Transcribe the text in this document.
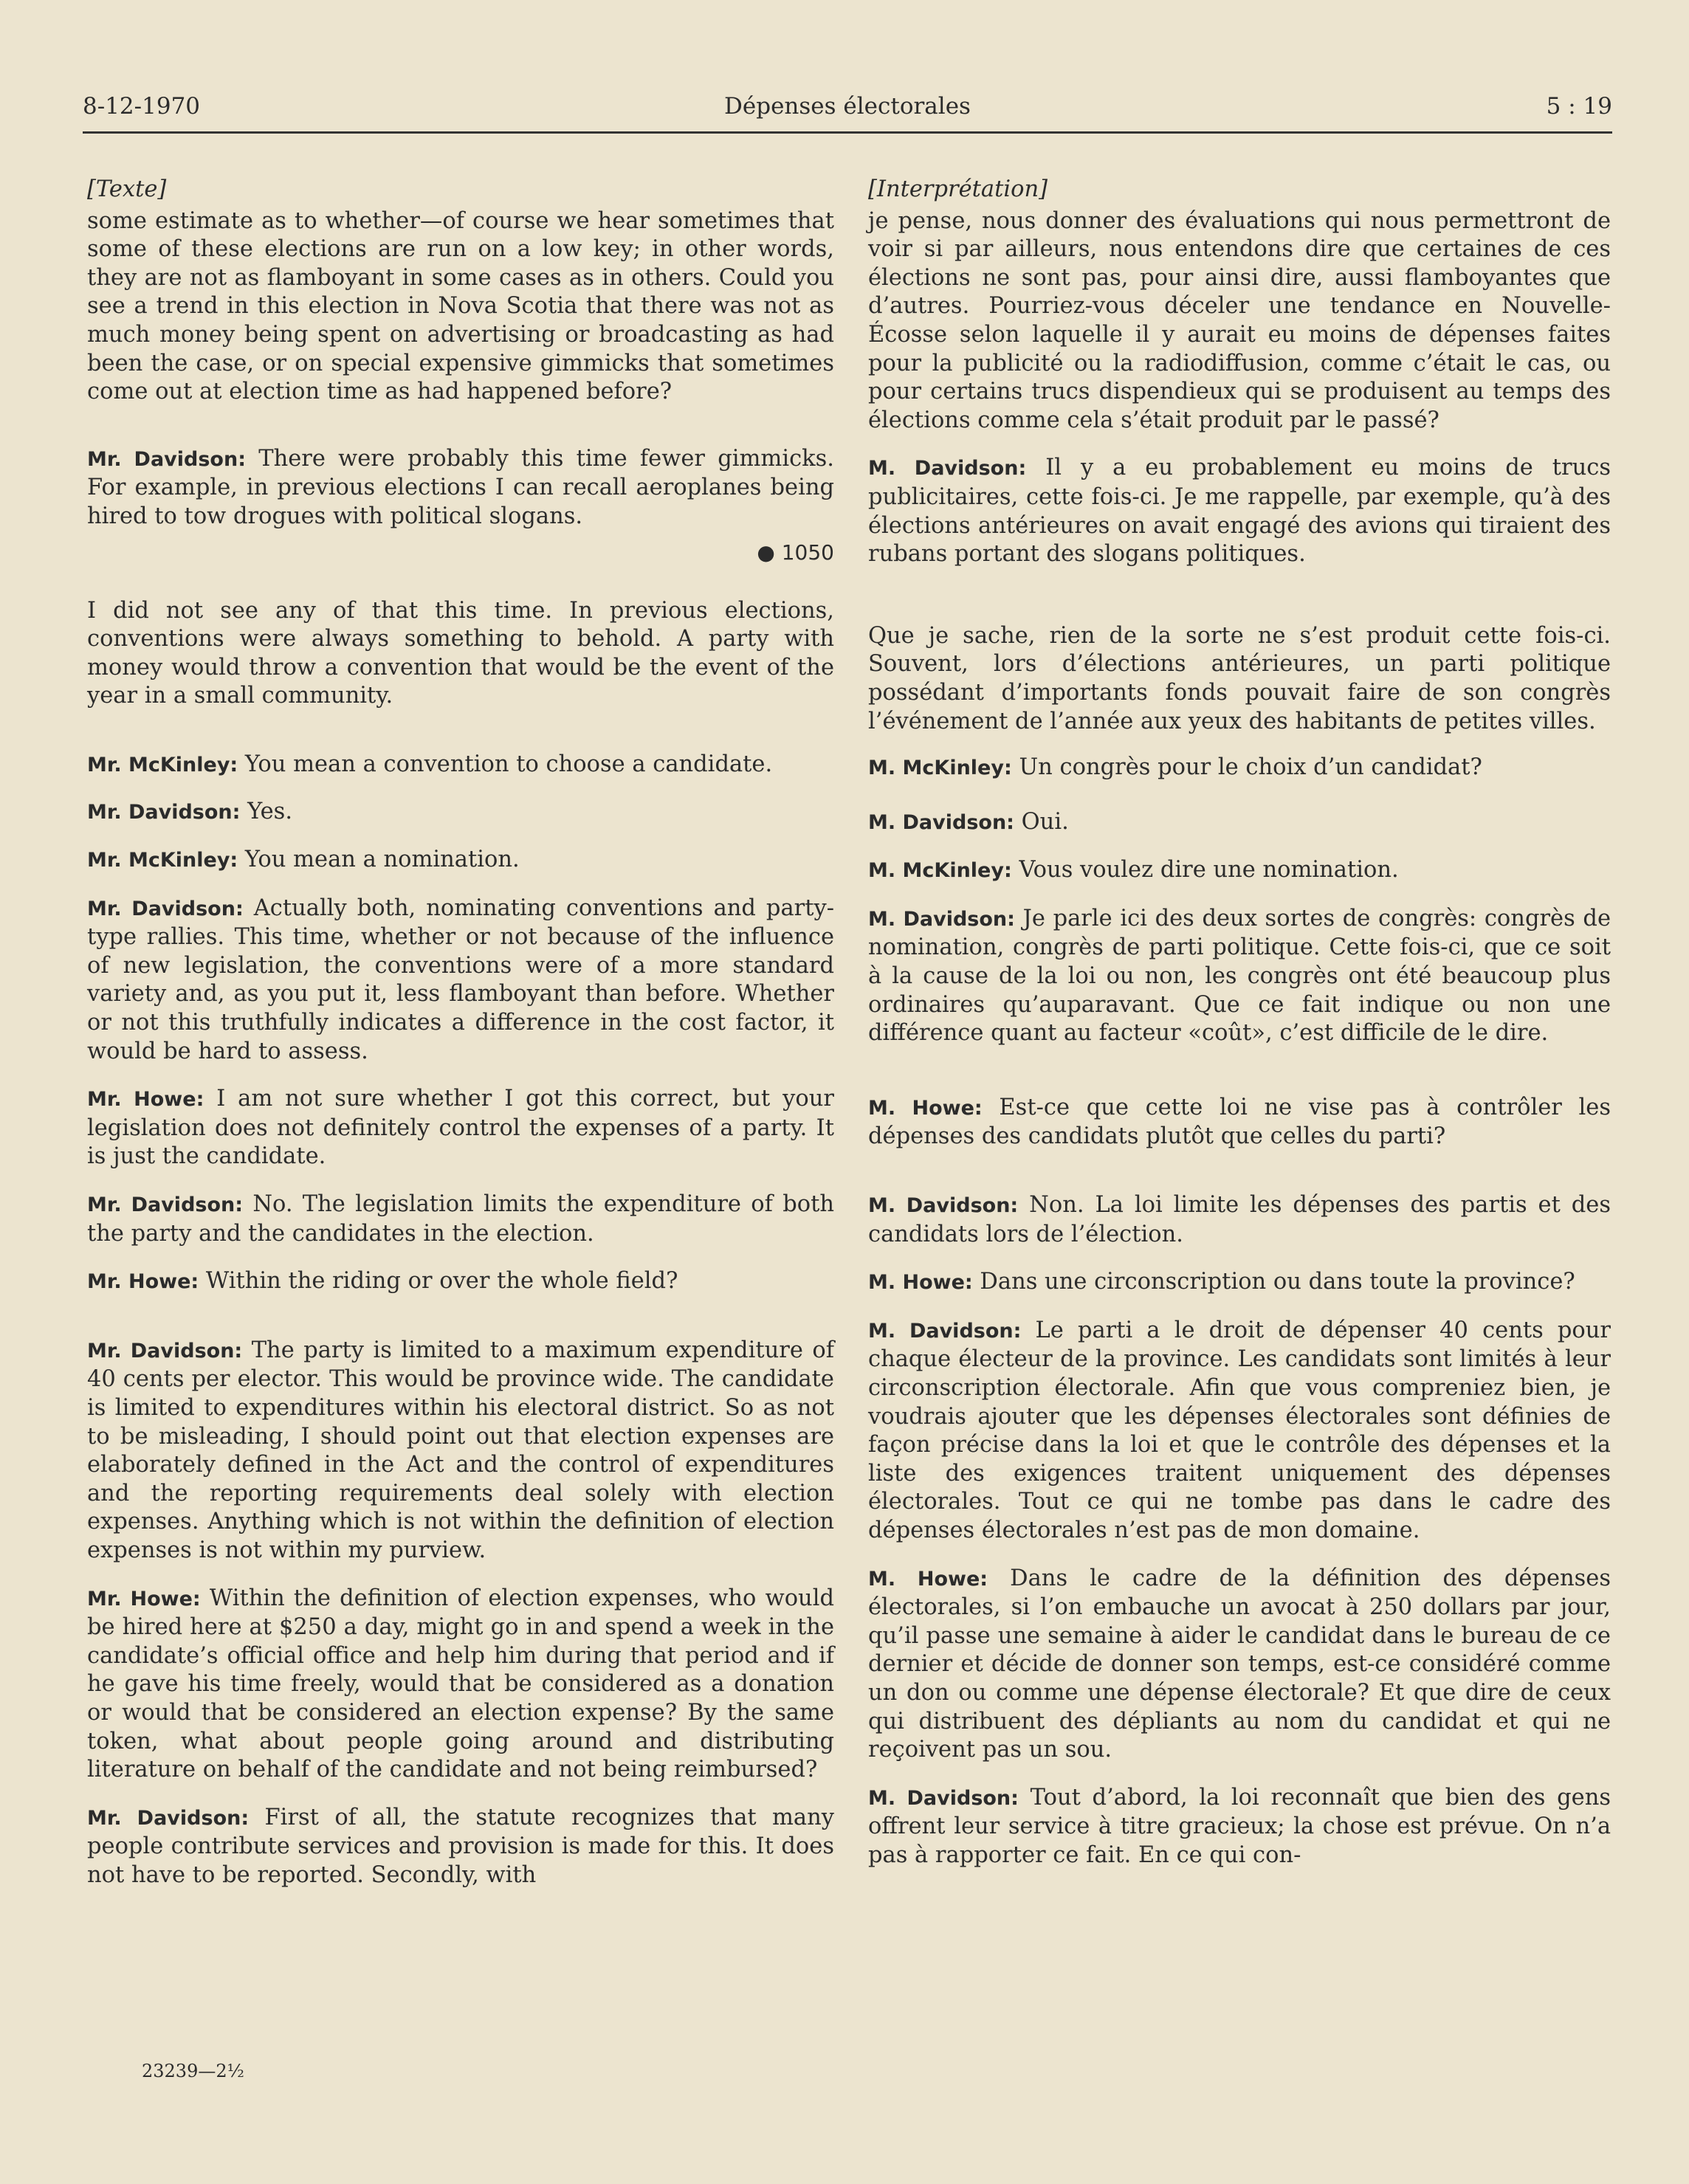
8-12-1970	Dépenses électorales	5 : 19
[Texte]

some estimate as to whether—of course we hear sometimes that some of these elections are run on a low key; in other words, they are not as flamboyant in some cases as in others. Could you see a trend in this election in Nova Scotia that there was not as much money being spent on advertising or broadcasting as had been the case, or on special expensive gimmicks that sometimes come out at election time as had happened before?

Mr. Davidson: There were probably this time fewer gimmicks. For example, in previous elections I can recall aeroplanes being hired to tow drogues with political slogans.

● 1050

I did not see any of that this time. In previous elections, conventions were always something to behold. A party with money would throw a convention that would be the event of the year in a small community.

Mr. McKinley: You mean a convention to choose a candidate.

Mr. Davidson: Yes.

Mr. McKinley: You mean a nomination.

Mr. Davidson: Actually both, nominating conventions and party-type rallies. This time, whether or not because of the influence of new legislation, the conventions were of a more standard variety and, as you put it, less flamboyant than before. Whether or not this truthfully indicates a difference in the cost factor, it would be hard to assess.

Mr. Howe: I am not sure whether I got this correct, but your legislation does not definitely control the expenses of a party. It is just the candidate.

Mr. Davidson: No. The legislation limits the expenditure of both the party and the candidates in the election.

Mr. Howe: Within the riding or over the whole field?

Mr. Davidson: The party is limited to a maximum expenditure of 40 cents per elector. This would be province wide. The candidate is limited to expenditures within his electoral district. So as not to be misleading, I should point out that election expenses are elaborately defined in the Act and the control of expenditures and the reporting requirements deal solely with election expenses. Anything which is not within the definition of election expenses is not within my purview.

Mr. Howe: Within the definition of election expenses, who would be hired here at $250 a day, might go in and spend a week in the candidate’s official office and help him during that period and if he gave his time freely, would that be considered as a donation or would that be considered an election expense? By the same token, what about people going around and distributing literature on behalf of the candidate and not being reimbursed?

Mr. Davidson: First of all, the statute recognizes that many people contribute services and provision is made for this. It does not have to be reported. Secondly, with

[Interprétation]

je pense, nous donner des évaluations qui nous permettront de voir si par ailleurs, nous entendons dire que certaines de ces élections ne sont pas, pour ainsi dire, aussi flamboyantes que d’autres. Pourriez-vous déceler une tendance en Nouvelle-Écosse selon laquelle il y aurait eu moins de dépenses faites pour la publicité ou la radiodiffusion, comme c’était le cas, ou pour certains trucs dispendieux qui se produisent au temps des élections comme cela s’était produit par le passé?

M. Davidson: Il y a eu probablement eu moins de trucs publicitaires, cette fois-ci. Je me rappelle, par exemple, qu’à des élections antérieures on avait engagé des avions qui tiraient des rubans portant des slogans politiques.

Que je sache, rien de la sorte ne s’est produit cette fois-ci. Souvent, lors d’élections antérieures, un parti politique possédant d’importants fonds pouvait faire de son congrès l’événement de l’année aux yeux des habitants de petites villes.

M. McKinley: Un congrès pour le choix d’un candidat?

M. Davidson: Oui.

M. McKinley: Vous voulez dire une nomination.

M. Davidson: Je parle ici des deux sortes de congrès: congrès de nomination, congrès de parti politique. Cette fois-ci, que ce soit à la cause de la loi ou non, les congrès ont été beaucoup plus ordinaires qu’auparavant. Que ce fait indique ou non une différence quant au facteur «coût», c’est difficile de le dire.

M. Howe: Est-ce que cette loi ne vise pas à contrôler les dépenses des candidats plutôt que celles du parti?

M. Davidson: Non. La loi limite les dépenses des partis et des candidats lors de l’élection.

M. Howe: Dans une circonscription ou dans toute la province?

M. Davidson: Le parti a le droit de dépenser 40 cents pour chaque électeur de la province. Les candidats sont limités à leur circonscription électorale. Afin que vous compreniez bien, je voudrais ajouter que les dépenses électorales sont définies de façon précise dans la loi et que le contrôle des dépenses et la liste des exigences traitent uniquement des dépenses électorales. Tout ce qui ne tombe pas dans le cadre des dépenses électorales n’est pas de mon domaine.

M. Howe: Dans le cadre de la définition des dépenses électorales, si l’on embauche un avocat à 250 dollars par jour, qu’il passe une semaine à aider le candidat dans le bureau de ce dernier et décide de donner son temps, est-ce considéré comme un don ou comme une dépense électorale? Et que dire de ceux qui distribuent des dépliants au nom du candidat et qui ne reçoivent pas un sou.

M. Davidson: Tout d’abord, la loi reconnaît que bien des gens offrent leur service à titre gracieux; la chose est prévue. On n’a pas à rapporter ce fait. En ce qui con-

23239—2½
